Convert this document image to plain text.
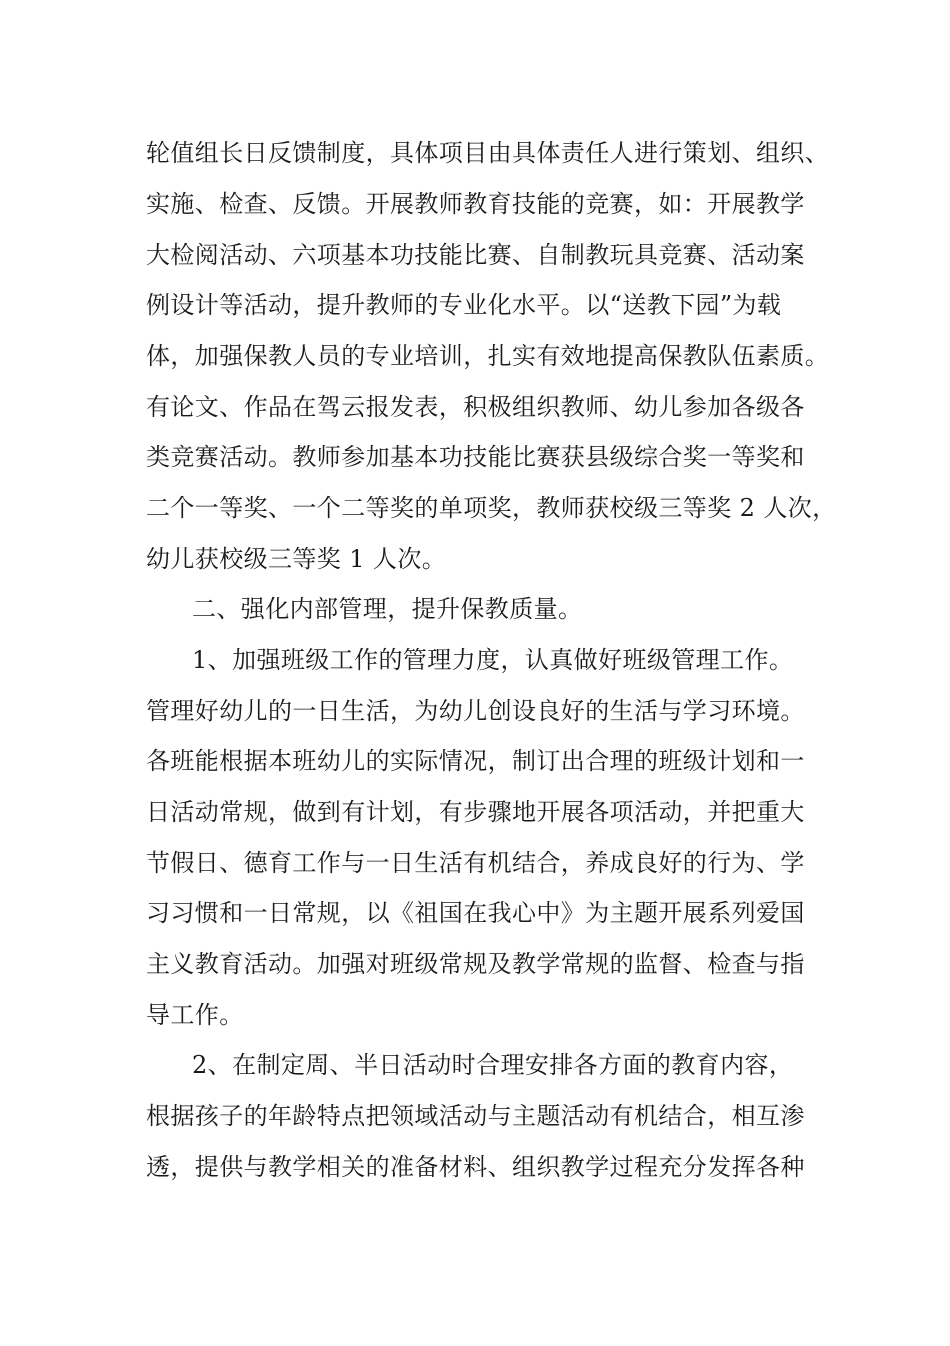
轮值组长日反馈制度，具体项目由具体责任人进行策划、组织、
实施、检查、反馈。开展教师教育技能的竞赛，如：开展教学
大检阅活动、六项基本功技能比赛、自制教玩具竞赛、活动案
例设计等活动，提升教师的专业化水平。以“送教下园”为载
体，加强保教人员的专业培训，扎实有效地提高保教队伍素质。
有论文、作品在驾云报发表，积极组织教师、幼儿参加各级各
类竞赛活动。教师参加基本功技能比赛获县级综合奖一等奖和
二个一等奖、一个二等奖的单项奖，教师获校级三等奖 2 人次，
幼儿获校级三等奖 1 人次。
二、强化内部管理，提升保教质量。
1、加强班级工作的管理力度，认真做好班级管理工作。
管理好幼儿的一日生活，为幼儿创设良好的生活与学习环境。
各班能根据本班幼儿的实际情况，制订出合理的班级计划和一
日活动常规，做到有计划，有步骤地开展各项活动，并把重大
节假日、德育工作与一日生活有机结合，养成良好的行为、学
习习惯和一日常规，以《祖国在我心中》为主题开展系列爱国
主义教育活动。加强对班级常规及教学常规的监督、检查与指
导工作。
2、在制定周、半日活动时合理安排各方面的教育内容，
根据孩子的年龄特点把领域活动与主题活动有机结合，相互渗
透，提供与教学相关的准备材料、组织教学过程充分发挥各种
